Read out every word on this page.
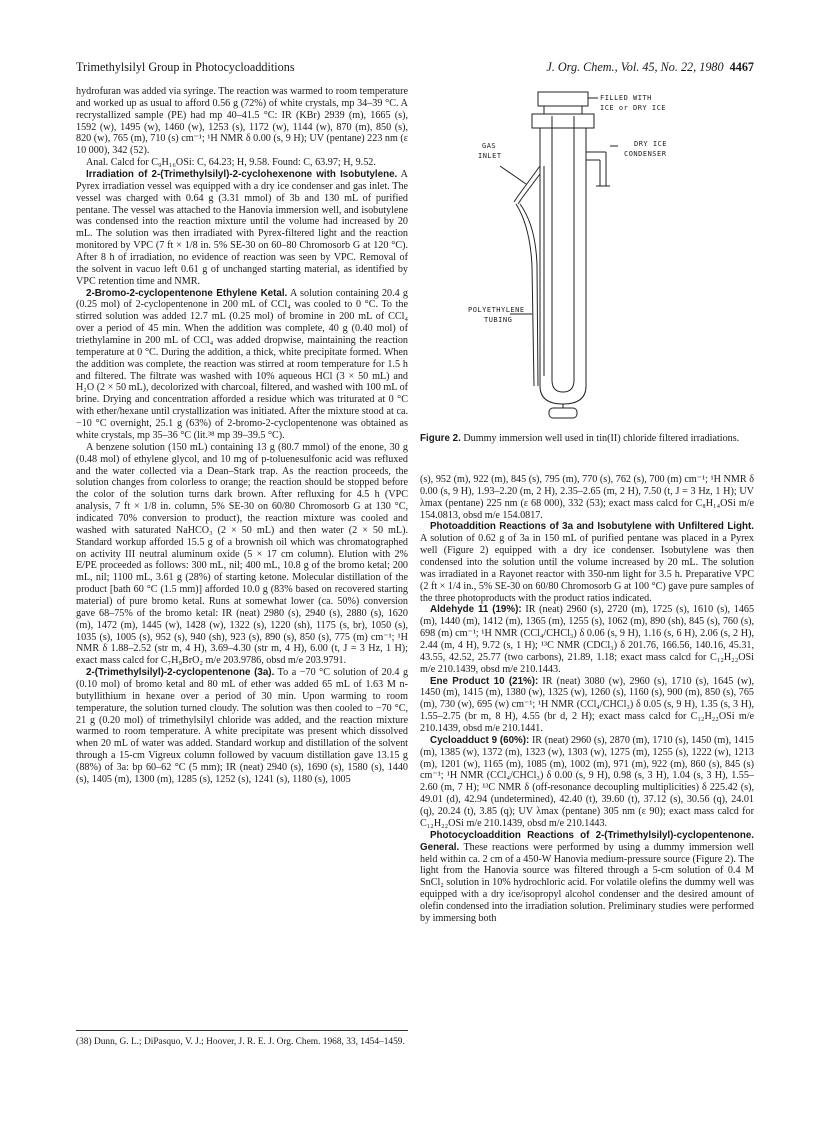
Trimethylsilyl Group in Photocycloadditions	J. Org. Chem., Vol. 45, No. 22, 1980 4467

hydrofuran was added via syringe. The reaction was warmed to room temperature and worked up as usual to afford 0.56 g (72%) of white crystals, mp 34–39 °C. A recrystallized sample (PE) had mp 40–41.5 °C: IR (KBr) 2939 (m), 1665 (s), 1592 (w), 1495 (w), 1460 (w), 1253 (s), 1172 (w), 1144 (w), 870 (m), 850 (s), 820 (w), 765 (m), 710 (s) cm⁻¹; ¹H NMR δ 0.00 (s, 9 H); UV (pentane) 223 nm (ε 10 000), 342 (52).

Anal. Calcd for C₉H₁₆OSi: C, 64.23; H, 9.58. Found: C, 63.97; H, 9.52.

Irradiation of 2-(Trimethylsilyl)-2-cyclohexenone with Isobutylene. A Pyrex irradiation vessel was equipped with a dry ice condenser and gas inlet. The vessel was charged with 0.64 g (3.31 mmol) of 3b and 130 mL of purified pentane. The vessel was attached to the Hanovia immersion well, and isobutylene was condensed into the reaction mixture until the volume had increased by 20 mL. The solution was then irradiated with Pyrex-filtered light and the reaction monitored by VPC (7 ft × 1/8 in. 5% SE-30 on 60–80 Chromosorb G at 120 °C). After 8 h of irradiation, no evidence of reaction was seen by VPC. Removal of the solvent in vacuo left 0.61 g of unchanged starting material, as identified by VPC retention time and NMR.

2-Bromo-2-cyclopentenone Ethylene Ketal. A solution containing 20.4 g (0.25 mol) of 2-cyclopentenone in 200 mL of CCl₄ was cooled to 0 °C. To the stirred solution was added 12.7 mL (0.25 mol) of bromine in 200 mL of CCl₄ over a period of 45 min. When the addition was complete, 40 g (0.40 mol) of triethylamine in 200 mL of CCl₄ was added dropwise, maintaining the reaction temperature at 0 °C. During the addition, a thick, white precipitate formed. When the addition was complete, the reaction was stirred at room temperature for 1.5 h and filtered. The filtrate was washed with 10% aqueous HCl (3 × 50 mL) and H₂O (2 × 50 mL), decolorized with charcoal, filtered, and washed with 100 mL of brine. Drying and concentration afforded a residue which was triturated at 0 °C with ether/hexane until crystallization was initiated. After the mixture stood at ca. −10 °C overnight, 25.1 g (63%) of 2-bromo-2-cyclopentenone was obtained as white crystals, mp 35–36 °C (lit.³⁸ mp 39–39.5 °C).

A benzene solution (150 mL) containing 13 g (80.7 mmol) of the enone, 30 g (0.48 mol) of ethylene glycol, and 10 mg of p-toluenesulfonic acid was refluxed and the water collected via a Dean–Stark trap. As the reaction proceeds, the solution changes from colorless to orange; the reaction should be stopped before the color of the solution turns dark brown. After refluxing for 4.5 h (VPC analysis, 7 ft × 1/8 in. column, 5% SE-30 on 60/80 Chromosorb G at 130 °C, indicated 70% conversion to product), the reaction mixture was cooled and washed with saturated NaHCO₃ (2 × 50 mL) and then water (2 × 50 mL). Standard workup afforded 15.5 g of a brownish oil which was chromatographed on activity III neutral aluminum oxide (5 × 17 cm column). Elution with 2% E/PE proceeded as follows: 300 mL, nil; 400 mL, 10.8 g of the bromo ketal; 200 mL, nil; 1100 mL, 3.61 g (28%) of starting ketone. Molecular distillation of the product [bath 60 °C (1.5 mm)] afforded 10.0 g (83% based on recovered starting material) of pure bromo ketal. Runs at somewhat lower (ca. 50%) conversion gave 68–75% of the bromo ketal: IR (neat) 2980 (s), 2940 (s), 2880 (s), 1620 (m), 1472 (m), 1445 (w), 1428 (w), 1322 (s), 1220 (sh), 1175 (s, br), 1050 (s), 1035 (s), 1005 (s), 952 (s), 940 (sh), 923 (s), 890 (s), 850 (s), 775 (m) cm⁻¹; ¹H NMR δ 1.88–2.52 (str m, 4 H), 3.69–4.30 (str m, 4 H), 6.00 (t, J = 3 Hz, 1 H); exact mass calcd for C₇H₉BrO₂ m/e 203.9786, obsd m/e 203.9791.

2-(Trimethylsilyl)-2-cyclopentenone (3a). To a −70 °C solution of 20.4 g (0.10 mol) of bromo ketal and 80 mL of ether was added 65 mL of 1.63 M n-butyllithium in hexane over a period of 30 min. Upon warming to room temperature, the solution turned cloudy. The solution was then cooled to −70 °C, 21 g (0.20 mol) of trimethylsilyl chloride was added, and the reaction mixture warmed to room temperature. A white precipitate was present which dissolved when 20 mL of water was added. Standard workup and distillation of the solvent through a 15-cm Vigreux column followed by vacuum distillation gave 13.15 g (88%) of 3a: bp 60–62 °C (5 mm); IR (neat) 2940 (s), 1690 (s), 1580 (s), 1440 (s), 1405 (m), 1300 (m), 1285 (s), 1252 (s), 1241 (s), 1180 (s), 1005

(38) Dunn, G. L.; DiPasquo, V. J.; Hoover, J. R. E. J. Org. Chem. 1968, 33, 1454–1459.
FILLED WITH
ICE or DRY ICE
GAS
INLET
DRY ICE
CONDENSER
POLYETHYLENE
TUBING
Figure 2. Dummy immersion well used in tin(II) chloride filtered irradiations.

(s), 952 (m), 922 (m), 845 (s), 795 (m), 770 (s), 762 (s), 700 (m) cm⁻¹; ¹H NMR δ 0.00 (s, 9 H), 1.93–2.20 (m, 2 H), 2.35–2.65 (m, 2 H), 7.50 (t, J = 3 Hz, 1 H); UV λmax (pentane) 225 nm (ε 68 000), 332 (53); exact mass calcd for C₈H₁₄OSi m/e 154.0813, obsd m/e 154.0817.

Photoaddition Reactions of 3a and Isobutylene with Unfiltered Light. A solution of 0.62 g of 3a in 150 mL of purified pentane was placed in a Pyrex well (Figure 2) equipped with a dry ice condenser. Isobutylene was then condensed into the solution until the volume increased by 20 mL. The solution was irradiated in a Rayonet reactor with 350-nm light for 3.5 h. Preparative VPC (2 ft × 1/4 in., 5% SE-30 on 60/80 Chromosorb G at 100 °C) gave pure samples of the three photoproducts with the product ratios indicated.

Aldehyde 11 (19%): IR (neat) 2960 (s), 2720 (m), 1725 (s), 1610 (s), 1465 (m), 1440 (m), 1412 (m), 1365 (m), 1255 (s), 1062 (m), 890 (sh), 845 (s), 760 (s), 698 (m) cm⁻¹; ¹H NMR (CCl₄/CHCl₃) δ 0.06 (s, 9 H), 1.16 (s, 6 H), 2.06 (s, 2 H), 2.44 (m, 4 H), 9.72 (s, 1 H); ¹³C NMR (CDCl₃) δ 201.76, 166.56, 140.16, 45.31, 43.55, 42.52, 25.77 (two carbons), 21.89, 1.18; exact mass calcd for C₁₂H₂₂OSi m/e 210.1439, obsd m/e 210.1443.

Ene Product 10 (21%): IR (neat) 3080 (w), 2960 (s), 1710 (s), 1645 (w), 1450 (m), 1415 (m), 1380 (w), 1325 (w), 1260 (s), 1160 (s), 900 (m), 850 (s), 765 (m), 730 (w), 695 (w) cm⁻¹; ¹H NMR (CCl₄/CHCl₃) δ 0.05 (s, 9 H), 1.35 (s, 3 H), 1.55–2.75 (br m, 8 H), 4.55 (br d, 2 H); exact mass calcd for C₁₂H₂₂OSi m/e 210.1439, obsd m/e 210.1441.

Cycloadduct 9 (60%): IR (neat) 2960 (s), 2870 (m), 1710 (s), 1450 (m), 1415 (m), 1385 (w), 1372 (m), 1323 (w), 1303 (w), 1275 (m), 1255 (s), 1222 (w), 1213 (m), 1201 (w), 1165 (m), 1085 (m), 1002 (m), 971 (m), 922 (m), 860 (s), 845 (s) cm⁻¹; ¹H NMR (CCl₄/CHCl₃) δ 0.00 (s, 9 H), 0.98 (s, 3 H), 1.04 (s, 3 H), 1.55–2.60 (m, 7 H); ¹³C NMR δ (off-resonance decoupling multiplicities) δ 225.42 (s), 49.01 (d), 42.94 (undetermined), 42.40 (t), 39.60 (t), 37.12 (s), 30.56 (q), 24.01 (q), 20.24 (t), 3.85 (q); UV λmax (pentane) 305 nm (ε 90); exact mass calcd for C₁₂H₂₂OSi m/e 210.1439, obsd m/e 210.1443.

Photocycloaddition Reactions of 2-(Trimethylsilyl)-cyclopentenone. General. These reactions were performed by using a dummy immersion well held within ca. 2 cm of a 450-W Hanovia medium-pressure source (Figure 2). The light from the Hanovia source was filtered through a 5-cm solution of 0.4 M SnCl₂ solution in 10% hydrochloric acid. For volatile olefins the dummy well was equipped with a dry ice/isopropyl alcohol condenser and the desired amount of olefin condensed into the irradiation solution. Preliminary studies were performed by immersing both
